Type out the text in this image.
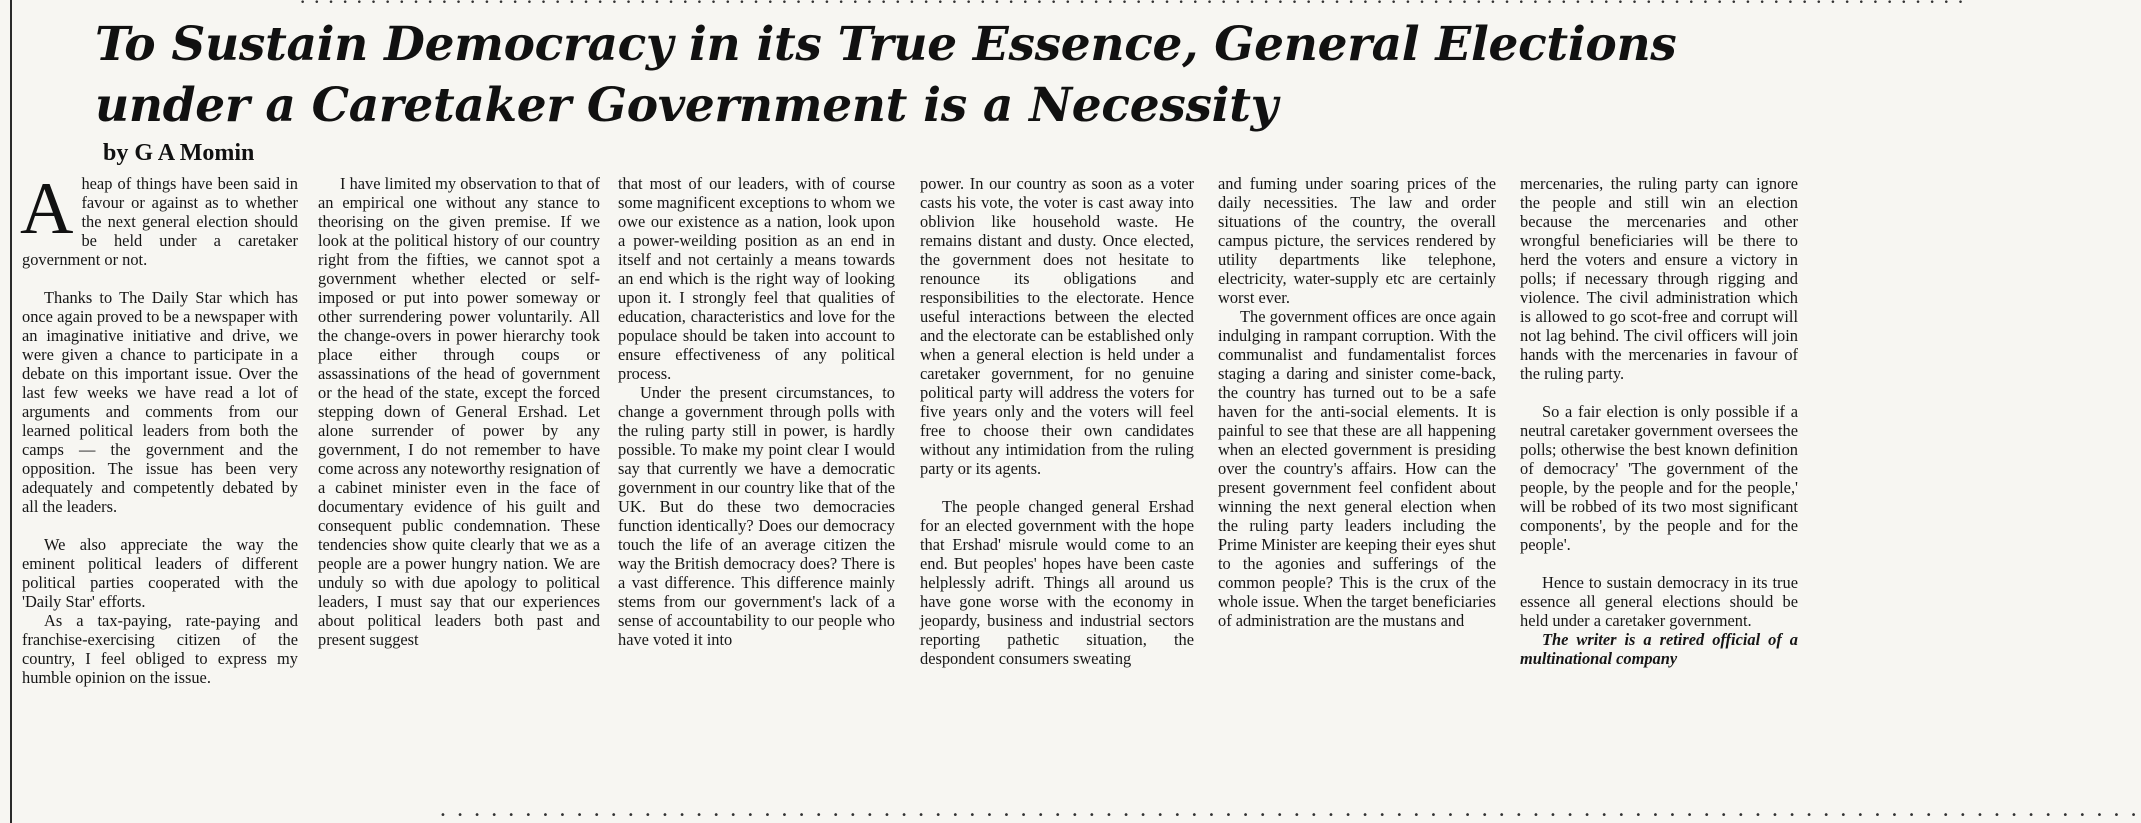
• • • • • • • • • • • • • • • • • • • • • • • • • • • • • • • • • • • • • • • • • • • • • • • • • • • • • • • • • • • • • • • • • • • • • • • • • • • • • • • • • • • • • • • • • • • • • • • • • • • • • • • • • • • • • • • • • • • • • •
To Sustain Democracy in its True Essence, General Elections under a Caretaker Government is a Necessity
by G A Momin

Aheap of things have been said in favour or against as to whether the next general election should be held under a caretaker government or not.

Thanks to The Daily Star which has once again proved to be a newspaper with an imaginative initiative and drive, we were given a chance to participate in a debate on this important issue. Over the last few weeks we have read a lot of arguments and comments from our learned political leaders from both the camps — the government and the opposition. The issue has been very adequately and competently debated by all the leaders.

We also appreciate the way the eminent political leaders of different political parties cooperated with the 'Daily Star' efforts.

As a tax-paying, rate-paying and franchise-exercising citizen of the country, I feel obliged to express my humble opinion on the issue.

I have limited my observation to that of an empirical one without any stance to theorising on the given premise. If we look at the political history of our country right from the fifties, we cannot spot a government whether elected or self-imposed or put into power someway or other surrendering power voluntarily. All the change-overs in power hierarchy took place either through coups or assassinations of the head of government or the head of the state, except the forced stepping down of General Ershad. Let alone surrender of power by any government, I do not remember to have come across any noteworthy resignation of a cabinet minister even in the face of documentary evidence of his guilt and consequent public condemnation. These tendencies show quite clearly that we as a people are a power hungry nation. We are unduly so with due apology to political leaders, I must say that our experiences about political leaders both past and present suggest

that most of our leaders, with of course some magnificent exceptions to whom we owe our existence as a nation, look upon a power-weilding position as an end in itself and not certainly a means towards an end which is the right way of looking upon it. I strongly feel that qualities of education, characteristics and love for the populace should be taken into account to ensure effectiveness of any political process.

Under the present circumstances, to change a government through polls with the ruling party still in power, is hardly possible. To make my point clear I would say that currently we have a democratic government in our country like that of the UK. But do these two democracies function identically? Does our democracy touch the life of an average citizen the way the British democracy does? There is a vast difference. This difference mainly stems from our government's lack of a sense of accountability to our people who have voted it into

power. In our country as soon as a voter casts his vote, the voter is cast away into oblivion like household waste. He remains distant and dusty. Once elected, the government does not hesitate to renounce its obligations and responsibilities to the electorate. Hence useful interactions between the elected and the electorate can be established only when a general election is held under a caretaker government, for no genuine political party will address the voters for five years only and the voters will feel free to choose their own candidates without any intimidation from the ruling party or its agents.

The people changed general Ershad for an elected government with the hope that Ershad' misrule would come to an end. But peoples' hopes have been caste helplessly adrift. Things all around us have gone worse with the economy in jeopardy, business and industrial sectors reporting pathetic situation, the despondent consumers sweating

and fuming under soaring prices of the daily necessities. The law and order situations of the country, the overall campus picture, the services rendered by utility departments like telephone, electricity, water-supply etc are certainly worst ever.

The government offices are once again indulging in rampant corruption. With the communalist and fundamentalist forces staging a daring and sinister come-back, the country has turned out to be a safe haven for the anti-social elements. It is painful to see that these are all happening when an elected government is presiding over the country's affairs. How can the present government feel confident about winning the next general election when the ruling party leaders including the Prime Minister are keeping their eyes shut to the agonies and sufferings of the common people? This is the crux of the whole issue. When the target beneficiaries of administration are the mustans and

mercenaries, the ruling party can ignore the people and still win an election because the mercenaries and other wrongful beneficiaries will be there to herd the voters and ensure a victory in polls; if necessary through rigging and violence. The civil administration which is allowed to go scot-free and corrupt will not lag behind. The civil officers will join hands with the mercenaries in favour of the ruling party.

So a fair election is only possible if a neutral caretaker government oversees the polls; otherwise the best known definition of democracy' 'The government of the people, by the people and for the people,' will be robbed of its two most significant components', by the people and for the people'.

Hence to sustain democracy in its true essence all general elections should be held under a caretaker government.

The writer is a retired official of a multinational company

• • • • • • • • • • • • • • • • • • • • • • • • • • • • • • • • • • • • • • • • • • • • • • • • • • • • • • • • • • • • • • • • • • • • • • • • • • • • • • • • • • • • • • • • • • • • • • • • • • • •
